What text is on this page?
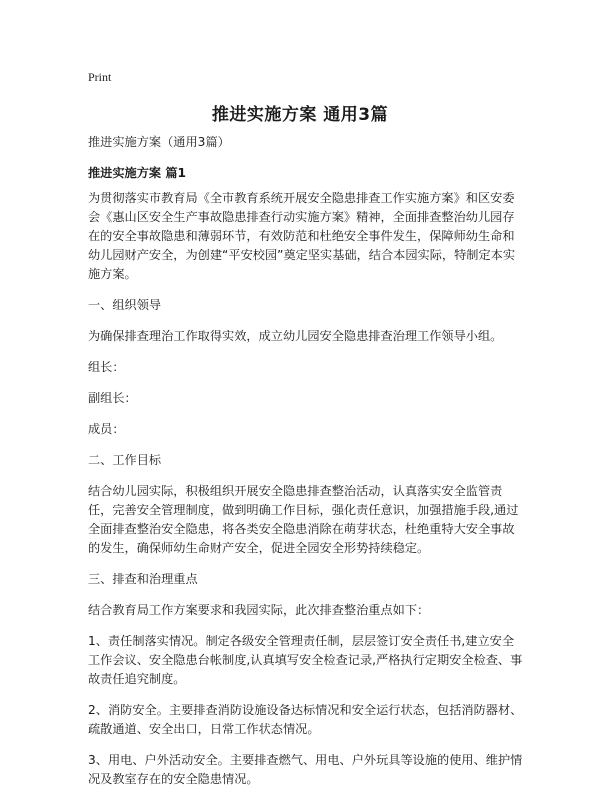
Print
推进实施方案 通用3篇

推进实施方案（通用3篇）

推进实施方案 篇1

为贯彻落实市教育局《全市教育系统开展安全隐患排查工作实施方案》和区安委会《惠山区安全生产事故隐患排查行动实施方案》精神，全面排查整治幼儿园存在的安全事故隐患和薄弱环节，有效防范和杜绝安全事件发生，保障师幼生命和幼儿园财产安全，为创建“平安校园”奠定坚实基础，结合本园实际，特制定本实施方案。

一、组织领导

为确保排查理治工作取得实效，成立幼儿园安全隐患排查治理工作领导小组。

组长：

副组长：

成员：

二、工作目标

结合幼儿园实际，积极组织开展安全隐患排查整治活动，认真落实安全监管责任，完善安全管理制度，做到明确工作目标，强化责任意识，加强措施手段,通过全面排查整治安全隐患，将各类安全隐患消除在萌芽状态，杜绝重特大安全事故的发生，确保师幼生命财产安全，促进全园安全形势持续稳定。

三、排查和治理重点

结合教育局工作方案要求和我园实际，此次排查整治重点如下：

1、责任制落实情况。制定各级安全管理责任制，层层签订安全责任书,建立安全工作会议、安全隐患台帐制度,认真填写安全检查记录,严格执行定期安全检查、事故责任追究制度。

2、消防安全。主要排查消防设施设备达标情况和安全运行状态，包括消防器材、疏散通道、安全出口，日常工作状态情况。

3、用电、户外活动安全。主要排查燃气、用电、户外玩具等设施的使用、维护情况及教室存在的安全隐患情况。
